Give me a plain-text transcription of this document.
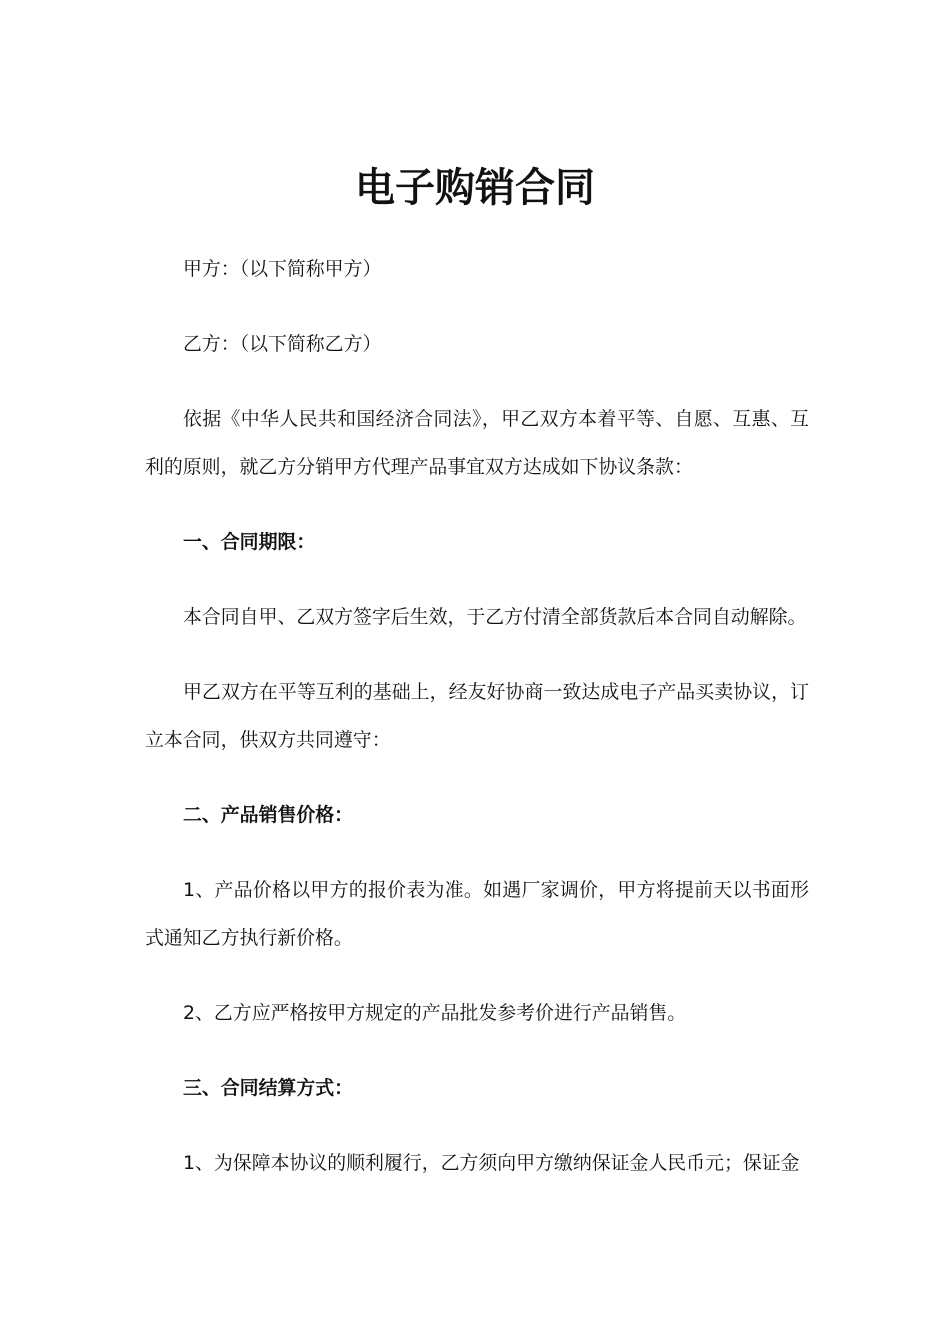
电子购销合同

甲方：（以下简称甲方）

乙方：（以下简称乙方）

依据《中华人民共和国经济合同法》，甲乙双方本着平等、自愿、互惠、互利的原则，就乙方分销甲方代理产品事宜双方达成如下协议条款：

一、合同期限：

本合同自甲、乙双方签字后生效，于乙方付清全部货款后本合同自动解除。

甲乙双方在平等互利的基础上，经友好协商一致达成电子产品买卖协议，订立本合同，供双方共同遵守：

二、产品销售价格：

1、产品价格以甲方的报价表为准。如遇厂家调价，甲方将提前天以书面形式通知乙方执行新价格。

2、乙方应严格按甲方规定的产品批发参考价进行产品销售。

三、合同结算方式：

1、为保障本协议的顺利履行，乙方须向甲方缴纳保证金人民币元；保证金
